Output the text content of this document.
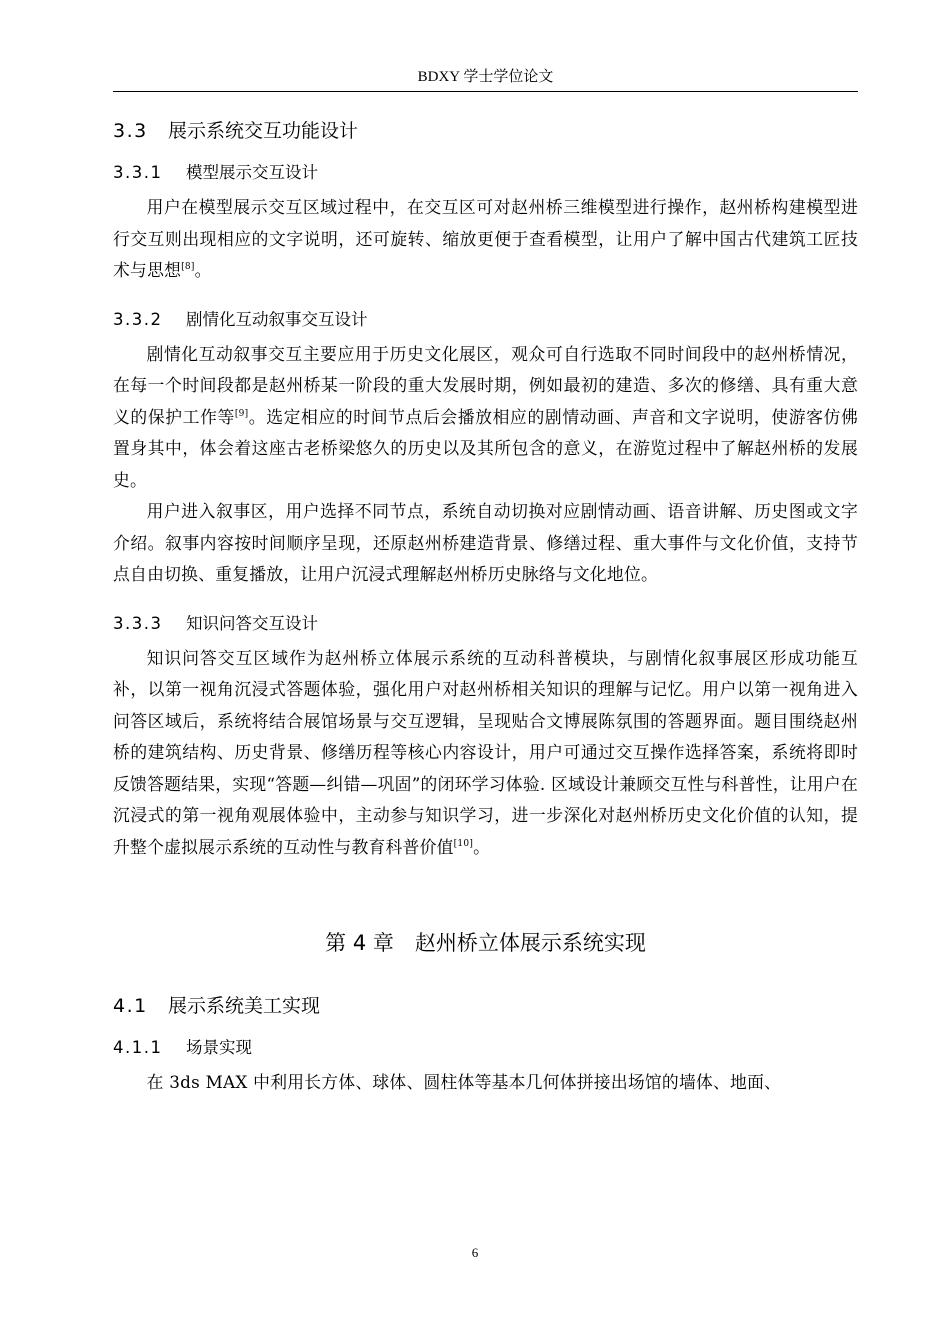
BDXY 学士学位论文
3.3 展示系统交互功能设计
3.3.1 模型展示交互设计

用户在模型展示交互区域过程中，在交互区可对赵州桥三维模型进行操作，赵州桥构建模型进行交互则出现相应的文字说明，还可旋转、缩放更便于查看模型，让用户了解中国古代建筑工匠技术与思想[8]。

3.3.2 剧情化互动叙事交互设计

剧情化互动叙事交互主要应用于历史文化展区，观众可自行选取不同时间段中的赵州桥情况，在每一个时间段都是赵州桥某一阶段的重大发展时期，例如最初的建造、多次的修缮、具有重大意义的保护工作等[9]。选定相应的时间节点后会播放相应的剧情动画、声音和文字说明，使游客仿佛置身其中，体会着这座古老桥梁悠久的历史以及其所包含的意义，在游览过程中了解赵州桥的发展史。

用户进入叙事区，用户选择不同节点，系统自动切换对应剧情动画、语音讲解、历史图或文字介绍。叙事内容按时间顺序呈现，还原赵州桥建造背景、修缮过程、重大事件与文化价值，支持节点自由切换、重复播放，让用户沉浸式理解赵州桥历史脉络与文化地位。

3.3.3 知识问答交互设计

知识问答交互区域作为赵州桥立体展示系统的互动科普模块，与剧情化叙事展区形成功能互补，以第一视角沉浸式答题体验，强化用户对赵州桥相关知识的理解与记忆。用户以第一视角进入问答区域后，系统将结合展馆场景与交互逻辑，呈现贴合文博展陈氛围的答题界面。题目围绕赵州桥的建筑结构、历史背景、修缮历程等核心内容设计，用户可通过交互操作选择答案，系统将即时反馈答题结果，实现“答题—纠错—巩固”的闭环学习体验. 区域设计兼顾交互性与科普性，让用户在沉浸式的第一视角观展体验中，主动参与知识学习，进一步深化对赵州桥历史文化价值的认知，提升整个虚拟展示系统的互动性与教育科普价值[10]。

第 4 章　赵州桥立体展示系统实现
4.1 展示系统美工实现
4.1.1 场景实现

在 3ds MAX 中利用长方体、球体、圆柱体等基本几何体拼接出场馆的墙体、地面、

6
